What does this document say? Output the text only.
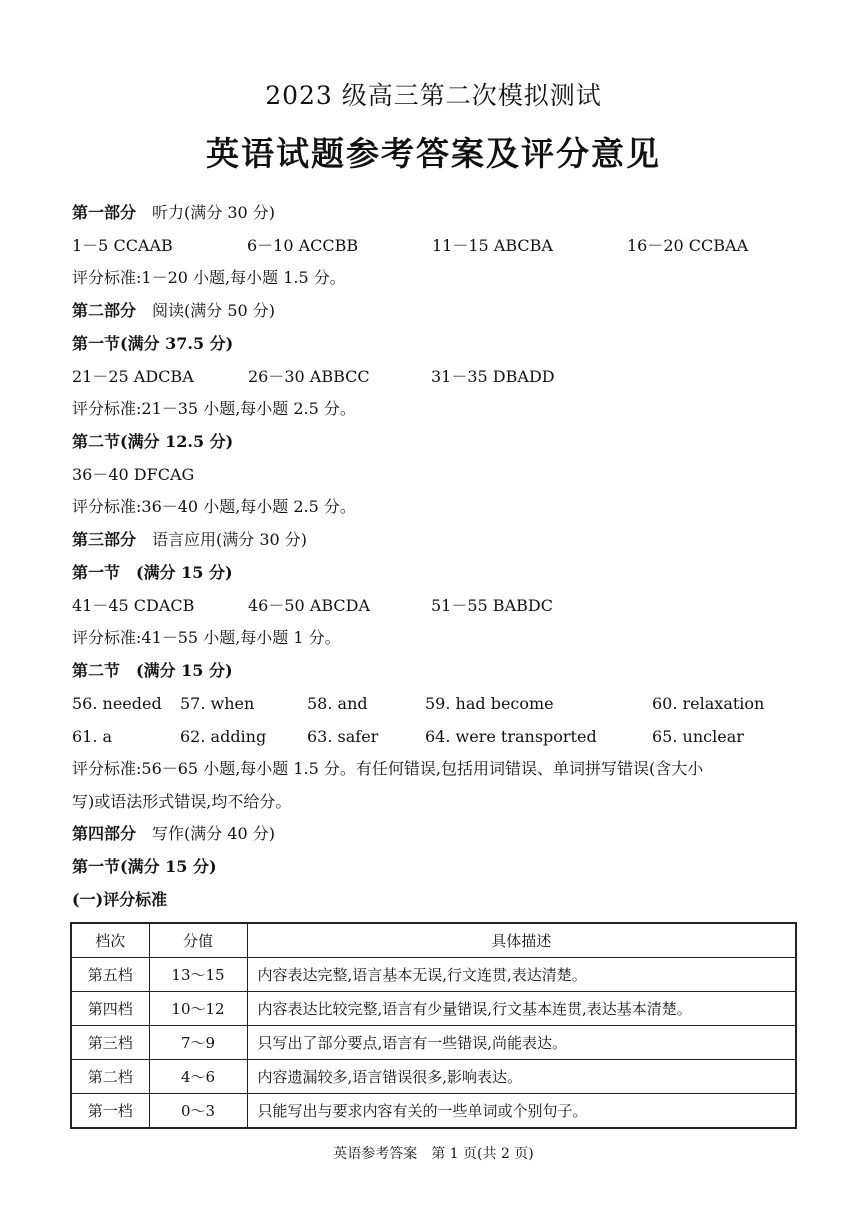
2023 级高三第二次模拟测试
英语试题参考答案及评分意见
第一部分 听力(满分 30 分)
1－5 CCAAB	6－10 ACCBB	11－15 ABCBA	16－20 CCBAA
评分标准:1－20 小题,每小题 1.5 分。
第二部分 阅读(满分 50 分)
第一节(满分 37.5 分)
21－25 ADCBA	26－30 ABBCC	31－35 DBADD
评分标准:21－35 小题,每小题 2.5 分。
第二节(满分 12.5 分)
36－40 DFCAG
评分标准:36－40 小题,每小题 2.5 分。
第三部分 语言应用(满分 30 分)
第一节　(满分 15 分)
41－45 CDACB	46－50 ABCDA	51－55 BABDC
评分标准:41－55 小题,每小题 1 分。
第二节　(满分 15 分)
56. needed 57. when	58. and	59. had become	60. relaxation
61. a	62. adding	63. safer	64. were transported	65. unclear
评分标准:56－65 小题,每小题 1.5 分。有任何错误,包括用词错误、单词拼写错误(含大小
写)或语法形式错误,均不给分。
第四部分 写作(满分 40 分)
第一节(满分 15 分)
(一)评分标准
档次	分值	具体描述
第五档	13～15	内容表达完整,语言基本无误,行文连贯,表达清楚。
第四档	10～12	内容表达比较完整,语言有少量错误,行文基本连贯,表达基本清楚。
第三档	7～9	只写出了部分要点,语言有一些错误,尚能表达。
第二档	4～6	内容遗漏较多,语言错误很多,影响表达。
第一档	0～3	只能写出与要求内容有关的一些单词或个别句子。
英语参考答案　第 1 页(共 2 页)
